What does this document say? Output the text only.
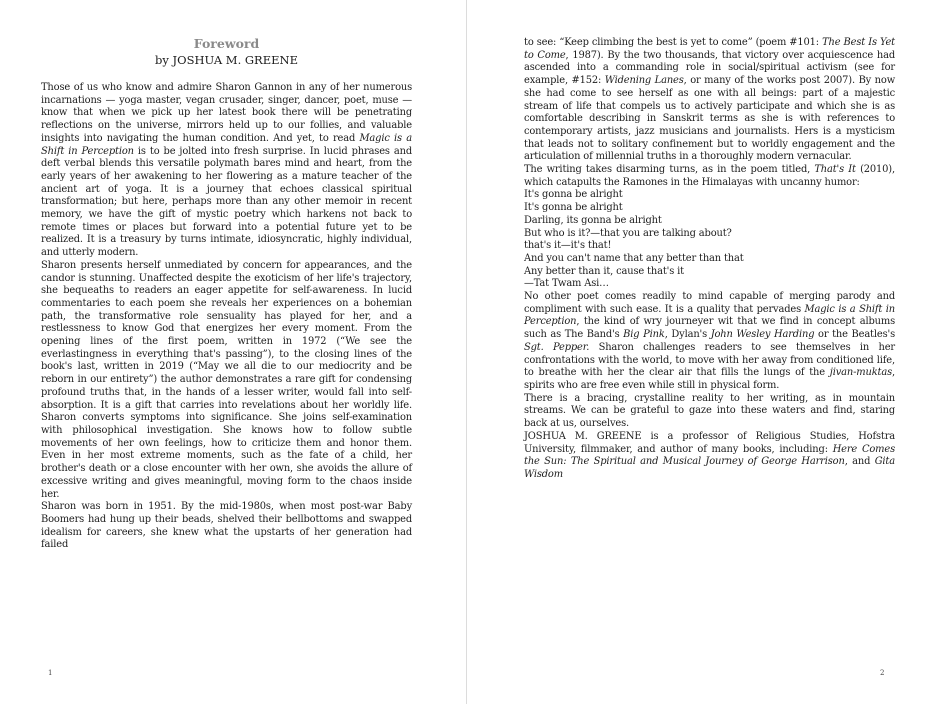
Foreword

by JOSHUA M. GREENE

Those of us who know and admire Sharon Gannon in any of her numerous incarnations — yoga master, vegan crusader, singer, dancer, poet, muse — know that when we pick up her latest book there will be penetrating reflections on the universe, mirrors held up to our follies, and valuable insights into navigating the human condition. And yet, to read Magic is a Shift in Perception is to be jolted into fresh surprise. In lucid phrases and deft verbal blends this versatile polymath bares mind and heart, from the early years of her awakening to her flowering as a mature teacher of the ancient art of yoga. It is a journey that echoes classical spiritual transformation; but here, perhaps more than any other memoir in recent memory, we have the gift of mystic poetry which harkens not back to remote times or places but forward into a potential future yet to be realized. It is a treasury by turns intimate, idiosyncratic, highly individual, and utterly modern.

Sharon presents herself unmediated by concern for appearances, and the candor is stunning. Unaffected despite the exoticism of her life's trajectory, she bequeaths to readers an eager appetite for self-awareness. In lucid commentaries to each poem she reveals her experiences on a bohemian path, the transformative role sensuality has played for her, and a restlessness to know God that energizes her every moment. From the opening lines of the first poem, written in 1972 (“We see the everlastingness in everything that's passing”), to the closing lines of the book's last, written in 2019 (“May we all die to our mediocrity and be reborn in our entirety”) the author demonstrates a rare gift for condensing profound truths that, in the hands of a lesser writer, would fall into self-absorption. It is a gift that carries into revelations about her worldly life. Sharon converts symptoms into significance. She joins self-examination with philosophical investigation. She knows how to follow subtle movements of her own feelings, how to criticize them and honor them. Even in her most extreme moments, such as the fate of a child, her brother's death or a close encounter with her own, she avoids the allure of excessive writing and gives meaningful, moving form to the chaos inside her.

Sharon was born in 1951. By the mid-1980s, when most post-war Baby Boomers had hung up their beads, shelved their bellbottoms and swapped idealism for careers, she knew what the upstarts of her generation had failed

1

to see: “Keep climbing the best is yet to come” (poem #101: The Best Is Yet to Come, 1987). By the two thousands, that victory over acquiescence had ascended into a commanding role in social/spiritual activism (see for example, #152: Widening Lanes, or many of the works post 2007). By now she had come to see herself as one with all beings: part of a majestic stream of life that compels us to actively participate and which she is as comfortable describing in Sanskrit terms as she is with references to contemporary artists, jazz musicians and journalists. Hers is a mysticism that leads not to solitary confinement but to worldly engagement and the articulation of millennial truths in a thoroughly modern vernacular.

The writing takes disarming turns, as in the poem titled, That's It (2010), which catapults the Ramones in the Himalayas with uncanny humor:

It's gonna be alright

It's gonna be alright

Darling, its gonna be alright

But who is it?—that you are talking about?

that's it—it's that!

And you can't name that any better than that

Any better than it, cause that's it

—Tat Twam Asi…

No other poet comes readily to mind capable of merging parody and compliment with such ease. It is a quality that pervades Magic is a Shift in Perception, the kind of wry journeyer wit that we find in concept albums such as The Band's Big Pink, Dylan's John Wesley Harding or the Beatles's Sgt. Pepper. Sharon challenges readers to see themselves in her confrontations with the world, to move with her away from conditioned life, to breathe with her the clear air that fills the lungs of the jivan-muktas, spirits who are free even while still in physical form.

There is a bracing, crystalline reality to her writing, as in mountain streams. We can be grateful to gaze into these waters and find, staring back at us, ourselves.

JOSHUA M. GREENE is a professor of Religious Studies, Hofstra University, filmmaker, and author of many books, including: Here Comes the Sun: The Spiritual and Musical Journey of George Harrison, and Gita Wisdom

2
